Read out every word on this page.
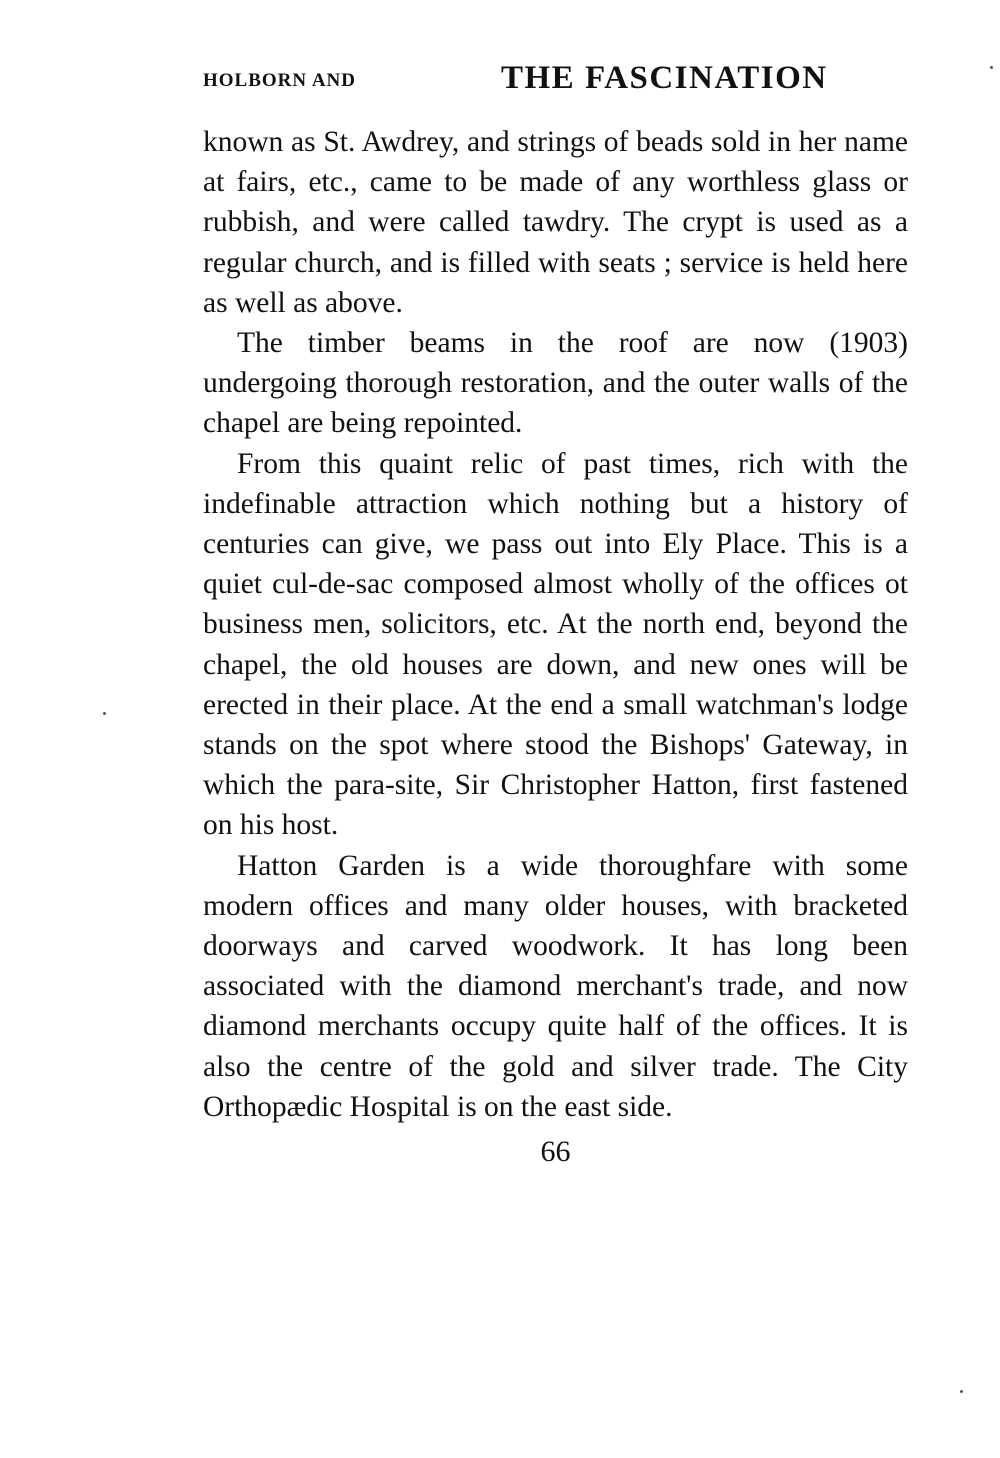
HOLBORN AND	THE FASCINATION

known as St. Awdrey, and strings of beads sold in her name at fairs, etc., came to be made of any worthless glass or rubbish, and were called tawdry. The crypt is used as a regular church, and is filled with seats ; service is held here as well as above.

The timber beams in the roof are now (1903) undergoing thorough restoration, and the outer walls of the chapel are being repointed.

From this quaint relic of past times, rich with the indefinable attraction which nothing but a history of centuries can give, we pass out into Ely Place. This is a quiet cul-de-sac composed almost wholly of the offices ot business men, solicitors, etc. At the north end, beyond the chapel, the old houses are down, and new ones will be erected in their place. At the end a small watchman's lodge stands on the spot where stood the Bishops' Gateway, in which the para-site, Sir Christopher Hatton, first fastened on his host.

Hatton Garden is a wide thoroughfare with some modern offices and many older houses, with bracketed doorways and carved woodwork. It has long been associated with the diamond merchant's trade, and now diamond merchants occupy quite half of the offices. It is also the centre of the gold and silver trade. The City Orthopædic Hospital is on the east side.

66
